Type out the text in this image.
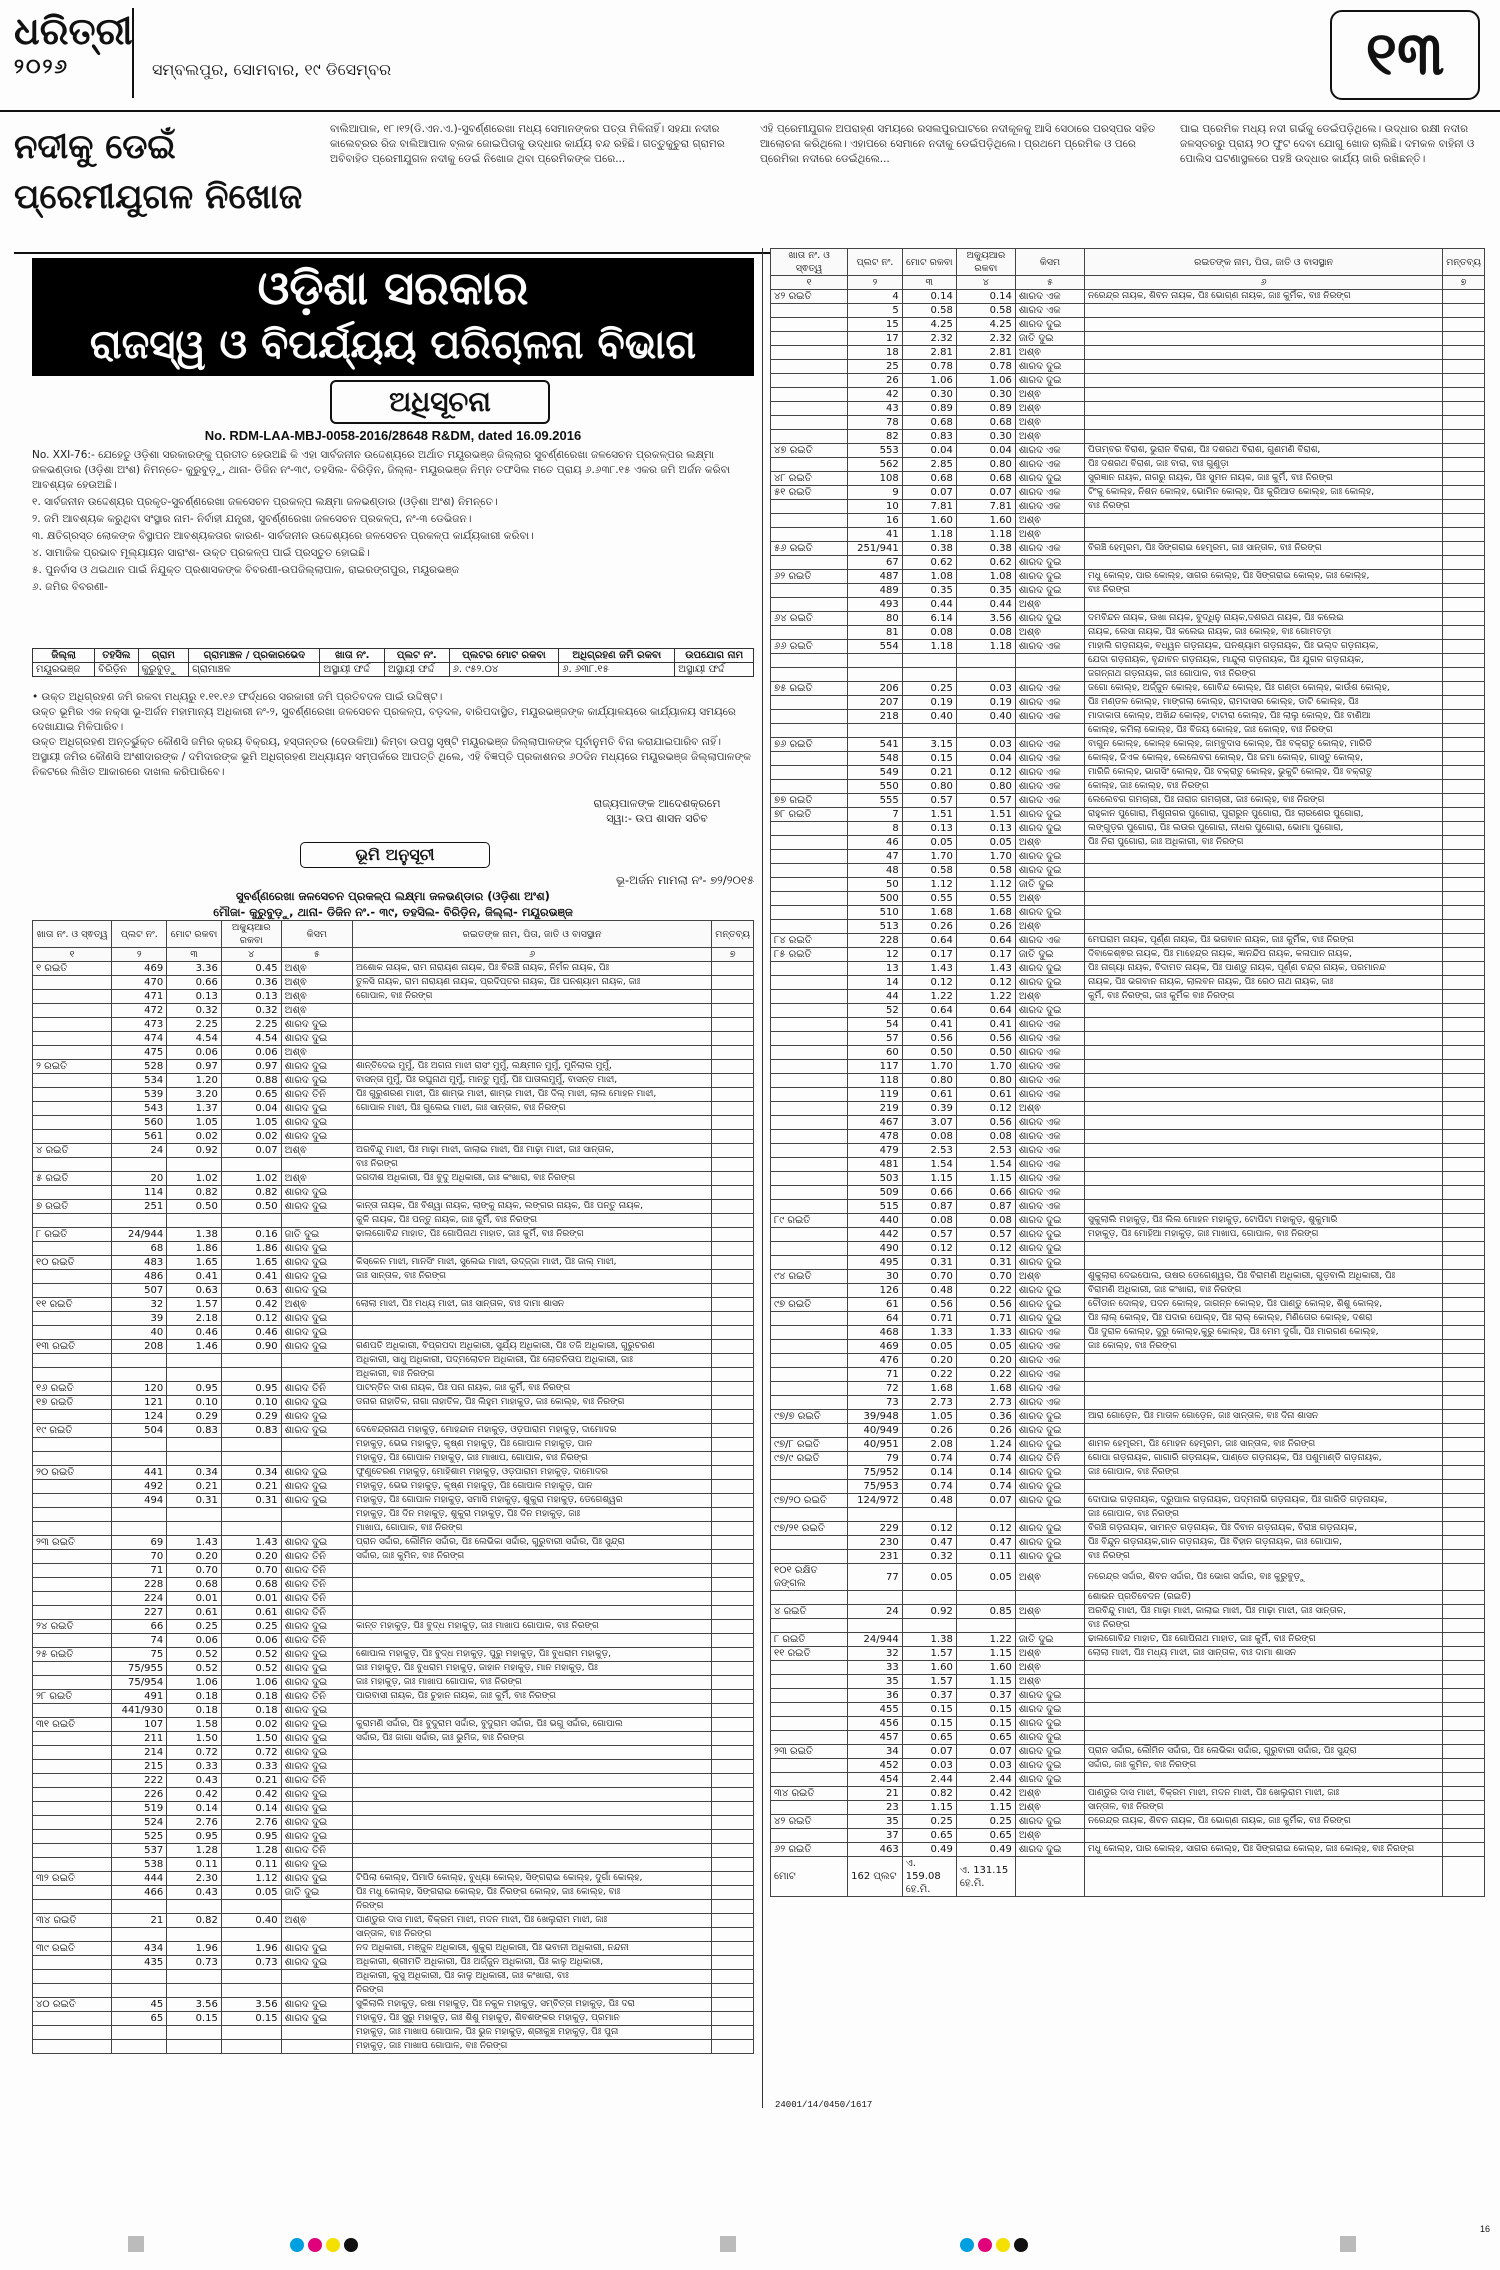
ଧରିତ୍ରୀ
୨୦୨୬	ସମ୍ବଲପୁର, ସୋମବାର, ୧୯ ଡିସେମ୍ବର	୧୩
ନଦୀକୁ ଡେଇଁ
ପ୍ରେମୀଯୁଗଳ ନିଖୋଜ
ବାଲିଆପାଳ, ୧୮।୧୨(ଡି.ଏନ.ଏ.)-ସୁବର୍ଣ୍ଣରେଖା ମଧ୍ୟ ସେମାନଙ୍କର ପତ୍ତା ମିଳିନାହିଁ। ସହଯା ନଦୀର କାଲେବ୍ରର ରିଜ ବାଲିଆପାଳ ବ୍ଲକ ଜୋଇପିତାକୁ ଉଦ୍ଧାର କାର୍ଯ୍ୟ ବନ୍ଦ ରହିଛି। ଗତ୍ତୁକୁଚୁରା ଗ୍ରାମର ଅବିବାହିତ ପ୍ରେମୀଯୁଗଳ ନଦୀକୁ ଡେଇଁ ନିଖୋଜ ଥିବା ପ୍ରେମିକଙ୍କ ପରେ...
ଏହି ପ୍ରେମୀଯୁଗଳ ଅପରାହ୍ଣ ସମୟରେ ରସଲପୁରଘାଟରେ ନଦୀକୂଳକୁ ଆସି ସେଠାରେ ପରସ୍ପର ସହିତ ଆଲୋଚନା କରିଥିଲେ। ଏହାପରେ ସେମାନେ ନଦୀକୁ ଡେଇଁପଡ଼ିଥିଲେ। ପ୍ରଥମେ ପ୍ରେମିକ ଓ ପରେ ପ୍ରେମିକା ନଦୀରେ ଡେଇଁଥିଲେ...
ପାଇ ପ୍ରେମିକ ମଧ୍ୟ ନଦୀ ଗର୍ଭକୁ ଡେଇଁପଡ଼ିଥିଲେ। ଉଦ୍ଧାର ରକ୍ଷୀ ନଦୀର ଜଳସ୍ତରରୁ ପ୍ରାୟ ୨୦ ଫୁଟ ଦେବା ଯୋଗୁ ଖୋଜ ଚାଲିଛି। ଦମକଳ ବାହିନୀ ଓ ପୋଲିସ ଘଟଣାସ୍ଥଳରେ ପହଞ୍ଚି ଉଦ୍ଧାର କାର୍ଯ୍ୟ ଜାରି ରଖିଛନ୍ତି।
ଓଡ଼ିଶା ସରକାର
ରାଜସ୍ୱ ଓ ବିପର୍ଯ୍ୟୟ ପରିଚାଳନା ବିଭାଗ
ଅଧିସୂଚନା
No. RDM-LAA-MBJ-0058-2016/28648 R&DM, dated 16.09.2016

No. XXI-76:- ଯେହେତୁ ଓଡ଼ିଶା ସରକାରଙ୍କୁ ପ୍ରତୀତ ହେଉଅଛି କି ଏହା ସାର୍ବଜନୀନ ଉଦ୍ଦେଶ୍ୟରେ ଅର୍ଥାତ ମୟୂରଭଞ୍ଜ ଜିଲ୍ଲାର ସୁବର୍ଣ୍ଣରେଖା ଜଳସେଚନ ପ୍ରକଳ୍ପର ଲକ୍ଷ୍ମା ଜଳଭଣ୍ଡାର (ଓଡ଼ିଶା ଅଂଶ) ନିମନ୍ତେ- କୁରୁବୁଡ଼ୁ, ଥାନା- ଡିଜିନ ନଂ-୩୯, ତହସିଲ- ବିରିଡ଼ିନ, ଜିଲ୍ଲା- ମୟୂରଭଞ୍ଜ ନିମ୍ନ ତଫସିଲ ମତେ ପ୍ରାୟ ୬.୬୩୮.୧୫ ଏକର ଜମି ଅର୍ଜନ କରିବା ଆବଶ୍ୟକ ହେଉଅଛି।

୧. ସାର୍ବଜନୀନ ଉଦ୍ଦେଶ୍ୟର ପ୍ରକୃତ-ସୁବର୍ଣ୍ଣରେଖା ଜଳସେଚନ ପ୍ରକଳ୍ପ ଲକ୍ଷ୍ମା ଜଳଭଣ୍ଡାର (ଓଡ଼ିଶା ଅଂଶ) ନିମନ୍ତେ।

୨. ଜମି ଆବଶ୍ୟକ କରୁଥିବା ସଂସ୍ଥାର ନାମ- ନିର୍ବାହୀ ଯନ୍ତ୍ରୀ, ସୁବର୍ଣ୍ଣରେଖା ଜଳସେଚନ ପ୍ରକଳ୍ପ, ନଂ-୩ ଡେଭିଜନ।

୩. କ୍ଷତିଗ୍ରସ୍ତ ଲୋକଙ୍କ ବିସ୍ଥାପନ ଆବଶ୍ୟକତାର କାରଣ- ସାର୍ବଜନୀନ ଉଦ୍ଦେଶ୍ୟରେ ଜଳସେଚନ ପ୍ରକଳ୍ପ କାର୍ଯ୍ୟକାରୀ କରିବା।

୪. ସାମାଜିକ ପ୍ରଭାବ ମୂଲ୍ୟାୟନ ସାରାଂଶ- ଉକ୍ତ ପ୍ରକଳ୍ପ ପାଇଁ ପ୍ରସ୍ତୁତ ହୋଇଛି।

୫. ପୁନର୍ବାସ ଓ ଥଇଥାନ ପାଇଁ ନିଯୁକ୍ତ ପ୍ରଶାସକଙ୍କ ବିବରଣୀ-ଉପଜିଲ୍ଲାପାଳ, ରାଇରଙ୍ଗପୁର, ମୟୂରଭଞ୍ଜ

୬. ଜମିର ବିବରଣୀ-

ଜିଲ୍ଲା	ତହସିଲ	ଗ୍ରାମ	ଗ୍ରାମାଞ୍ଚଳ / ପ୍ରକାରଭେଦ	ଖାତା ନଂ.	ପ୍ଲଟ ନଂ.	ପ୍ଲଟର ମୋଟ ରକବା	ଅଧିଗ୍ରହଣ ଜମି ରକବା	ଉପଯୋଗ ନାମ
ମୟୂରଭଞ୍ଜ	ବିରିଡ଼ିନ	କୁରୁବୁଡ଼ୁ	ଗ୍ରାମାଞ୍ଚଳ	ଅସ୍ଥାୟୀ ଫର୍ଦ୍ଦ	ଅସ୍ଥାୟୀ ଫର୍ଦ୍ଦ	୬. ୯୫୨.୦୪	୬. ୬୩୮.୧୫	ଅସ୍ଥାୟୀ ଫର୍ଦ୍ଦ

• ଉକ୍ତ ଅଧିଗ୍ରହଣ ଜମି ରକବା ମଧ୍ୟରୁ ୧.୧୧.୧୬ ଫର୍ଦ୍ଧରେ ସରକାରୀ ଜମି ପ୍ରତିବଦଳ ପାଇଁ ଉଦ୍ଦିଷ୍ଟ।

ଉକ୍ତ ଭୂମିର ଏକ ନକ୍ସା ଭୂ-ଅର୍ଜନ ମହାମାନ୍ୟ ଅଧିକାରୀ ନଂ-୨, ସୁବର୍ଣ୍ଣରେଖା ଜଳସେଚନ ପ୍ରକଳ୍ପ, ବଡ଼ଦଳ, ବାରିପଦାସ୍ଥିତ, ମୟୂରଭଞ୍ଜଙ୍କ କାର୍ଯ୍ୟାଳୟରେ କାର୍ଯ୍ୟାଳୟ ସମୟରେ ଦେଖାଯାଇ ମିଳିପାରିବ।

ଉକ୍ତ ଅଧିଗ୍ରହଣ ଅନ୍ତର୍ଭୁକ୍ତ କୌଣସି ଜମିର କ୍ରୟ ବିକ୍ରୟ, ହସ୍ତାନ୍ତର (ଦେଉଳିଆ) କିମ୍ବା ଉପସ୍ଥ ସୃଷ୍ଟି ମୟୂରଭଞ୍ଜ ଜିଲ୍ଲାପାଳଙ୍କ ପୂର୍ବାନୁମତି ବିନା କରାଯାଇପାରିବ ନାହିଁ।

ଅସ୍ଥାୟୀ ଜମିର କୌଣସି ଅଂଶୀଦାରଙ୍କ / ଦମିଦାରଙ୍କ ଭୂମି ଅଧିଗ୍ରହଣ ଅଧ୍ୟାୟନ ସମ୍ପର୍କରେ ଆପତ୍ତି ଥିଲେ, ଏହି ବିଜ୍ଞପ୍ତି ପ୍ରକାଶନର ୬୦ଦିନ ମଧ୍ୟରେ ମୟୂରଭଞ୍ଜ ଜିଲ୍ଲାପାଳଙ୍କ ନିକଟରେ ଲିଖିତ ଆକାରରେ ଦାଖଲ କରିପାରିବେ।

ରାଜ୍ୟପାଳଙ୍କ ଆଦେଶକ୍ରମେ
ସ୍ୱା:- ଉପ ଶାସନ ସଚିବ
ଭୂମି ଅନୁସୂଚୀ
ଭୂ-ଅର୍ଜନ ମାମଲା ନଂ- ୭୨/୨୦୧୫
ସୁବର୍ଣ୍ଣରେଖା ଜଳସେଚନ ପ୍ରକଳ୍ପ ଲକ୍ଷ୍ମା ଜଳଭଣ୍ଡାର (ଓଡ଼ିଶା ଅଂଶ)
ମୌଜା- କୁରୁବୁଡ଼ୁ, ଥାନା- ଡିଜିନ ନଂ.- ୩୯, ତହସିଲ- ବିରିଡ଼ିନ, ଜିଲ୍ଲା- ମୟୂରଭଞ୍ଜ
ଖାତା ନଂ. ଓ ସ୍ଵତ୍ୱ	ପ୍ଲଟ ନଂ.	ମୋଟ ରକବା	ଅକ୍ୟୁଆର ରକବା	କିସମ	ରଇତଙ୍କ ନାମ, ପିତା, ଜାତି ଓ ବାସସ୍ଥାନ	ମନ୍ତବ୍ୟ
୧	୨	୩	୪	୫	୬	୭
୧ ରଇତି	469	3.36	0.45	ଅଶ୍ଵ	ଅଶୋକ ନାୟକ, ରାମ ନାରାୟଣ ନାୟକ, ପିଃ ବିରଞ୍ଚି ନାୟକ, ନିର୍ମଳ ନାୟକ, ପିଃ	
	470	0.66	0.36	ଅଶ୍ଵ	ତୁଳସି ନାୟକ, ରାମ ନାରାୟଣ ନାୟକ, ପ୍ରଦିପ୍ତର ନାୟକ, ପିଃ ଘନଶ୍ୟାମ ନାୟକ, ଜାଃ	
	471	0.13	0.13	ଅଶ୍ଵ	ଗୋପାଳ, ବାଃ ନିରଙ୍ଗ	
	472	0.32	0.32	ଅଶ୍ଵ		
	473	2.25	2.25	ଶାରଦ ଦୁଇ		
	474	4.54	4.54	ଶାରଦ ଦୁଇ		
	475	0.06	0.06	ଅଶ୍ଵ		
୨ ରଇତି	528	0.97	0.97	ଶାରଦ ଦୁଇ	ଶାନ୍ତିଦେଇ ମୁର୍ମୁ, ପିଃ ଅଗନା ମାଝୀ ରାସଂ ମୁର୍ମୁ, ଲକ୍ଷ୍ମୀନ ମୁର୍ମୁ, ମୁନିଲାଲ ମୁର୍ମୁ,	
	534	1.20	0.88	ଶାରଦ ଦୁଇ	ବାସନ୍ତା ମୁର୍ମୁ, ପିଃ ରଘୁନାଥ ମୁର୍ମୁ, ମାନ୍ତୁ ମୁର୍ମୁ, ପିଃ ପାତାଲମୁର୍ମୁ, ବାସନ୍ତ ମାଝୀ,	
	539	3.20	0.65	ଶାରଦ ତିନି	ପିଃ ଗୁରୁଶରଣ ମାଝୀ, ପିଃ ଶାମ୍ଭ ମାଝୀ, ଶାମ୍ଭ ମାଝୀ, ପିଃ ଦିଲ୍ ମାଝୀ, ଲାଲ ମୋହନ ମାଝୀ,	
	543	1.37	0.04	ଶାରଦ ଦୁଇ	ଗୋପାଳ ମାଝୀ, ପିଃ ଗୁଲେଇ ମାଝୀ, ଜାଃ ସାନ୍ତାଳ, ବାଃ ନିରଙ୍ଗ	
	560	1.05	1.05	ଶାରଦ ଦୁଇ		
	561	0.02	0.02	ଶାରଦ ଦୁଇ		
୪ ରଇତି	24	0.92	0.07	ଅଶ୍ଵ	ଅରବିନ୍ଦୁ ମାଝୀ, ପିଃ ମାଢ଼ା ମାଝୀ, ଜାଲାଇ ମାଝୀ, ପିଃ ମାଢ଼ା ମାଝୀ, ଜାଃ ସାନ୍ତାଳ,	
					ବାଃ ନିରଙ୍ଗ	
୫ ରଇତି	20	1.02	1.02	ଅଶ୍ଵ	ଜଗଦୀଶ ଅଧିକାରୀ, ପିଃ ବୁଦୁ ଅଧିକାରୀ, ଜାଃ କଂଖାରା, ବାଃ ନିରଙ୍ଗ	
	114	0.82	0.82	ଶାରଦ ଦୁଇ		
୭ ରଇତି	251	0.50	0.50	ଶାରଦ ଦୁଇ	କାନ୍ତା ନାୟକ, ପିଃ ବିଶ୍ୱା ନାୟକ, ଲାଙ୍କୁ ନାୟକ, ଲଙ୍ଗର ନାୟକ, ପିଃ ପନ୍ତୁ ନାୟକ,	
					କୁଳି ନାୟକ, ପିଃ ପନ୍ତୁ ନାୟକ, ଜାଃ କୁର୍ମି, ବାଃ ନିରଙ୍ଗ	
୮ ରଇତି	24/944	1.38	0.16	ଜାତି ଦୁଇ	ଢାଲଗୋବିନ୍ଦ ମାହାତ, ପିଃ ଗୋପିନାଥ ମାହାତ, ଜାଃ କୁର୍ମି, ବାଃ ନିରଙ୍ଗ	
	68	1.86	1.86	ଶାରଦ ଦୁଇ		
୧୦ ରଇତି	483	1.65	1.65	ଶାରଦ ଦୁଇ	କିସ୍କେନ ମାଝୀ, ମାନସିଂ ମାଝୀ, ସୁଲେଇ ମାଝୀ, ଉଦ୍‌ଜ୍ଜା ମାଝୀ, ପିଃ ଜାଲ୍ ମାଝୀ,	
	486	0.41	0.41	ଶାରଦ ଦୁଇ	ଜାଃ ସାନ୍ତାଳ, ବାଃ ନିରଙ୍ଗ	
	507	0.63	0.63	ଶାରଦ ଦୁଇ		
୧୧ ରଇତି	32	1.57	0.42	ଅଶ୍ଵ	ଲୋଲା ମାଝୀ, ପିଃ ମଧ୍ୟ ମାଝୀ, ଜାଃ ସାନ୍ତାଳ, ବାଃ ଦାମା ଶାସନ	
	39	2.18	0.12	ଶାରଦ ଦୁଇ		
	40	0.46	0.46	ଶାରଦ ଦୁଇ		
୧୩ ରଇତି	208	1.46	0.90	ଶାରଦ ଦୁଇ	ଗଣପତି ଅଧିକାରୀ, ବିପ୍ରପଦା ଅଧିକାରୀ, ସୁର୍ଯ୍ୟ ଅଧିକାରୀ, ପିଃ ତଜି ଅଧିକାରୀ, ଗୁରୁଚରଣ	
					ଅଧିକାରୀ, ସାଧୁ ଅଧିକାରୀ, ପଦ୍ମଲୋଚନ ଅଧିକାରୀ, ପିଃ ଲୋଚନିତାପ ଅଧିକାରୀ, ଜାଃ	
					ଅଧିକାରୀ, ବାଃ ନିରଙ୍ଗ	
୧୬ ରଇତି	120	0.95	0.95	ଶାରଦ ତିନି	ପାଟନ୍ତିନ ଦାଶ ନାୟକ, ପିଃ ପନା ନାୟକ, ଜାଃ କୁର୍ମି, ବାଃ ନିରଙ୍ଗ	
୧୭ ରଇତି	121	0.10	0.10	ଶାରଦ ଦୁଇ	ଡନାର ନାହାତିଳ, ନାଗା ନାହାତିଳ, ପିଃ ଲିହୁମ ମାହାକୁଡ, ଜାଃ କୋଲ୍ହ, ବାଃ ନିରଙ୍ଗ	
	124	0.29	0.29	ଶାରଦ ଦୁଇ		
୧୯ ରଇତି	504	0.83	0.83	ଶାରଦ ଦୁଇ	ଦେବେନ୍ଦ୍ରନାଥ ମହାକୁଡ଼, ମୋହନ୍ଦାନ ମହାକୁଡ଼, ଓଡ଼ପାରାମ ମହାକୁଡ଼, ଦାମୋଦର	
					ମହାକୁଡ଼, ଭେଭ ମହାକୁଡ଼, କୃଷ୍ଣ ମହାକୁଡ଼, ପିଃ ଗୋପାଳ ମହାକୁଡ଼, ପାନ	
					ମହାକୁଡ଼, ପିଃ ଗୋପାଳ ମହାକୁଡ଼, ଜାଃ ମାଖାପ, ଗୋପାଳ, ବାଃ ନିରଙ୍ଗ	
୨୦ ରଇତି	441	0.34	0.34	ଶାରଦ ଦୁଇ	ଫୁଣୁଚେରଣ ମହାକୁଡ଼, ମୋହିଶାମ ମହାକୁଡ଼, ଓଡ଼ପାରାମ ମହାକୁଡ଼, ଦାମୋଦର	
	492	0.21	0.21	ଶାରଦ ଦୁଇ	ମହାକୁଡ଼, ଭେଭ ମହାକୁଡ଼, କୃଷ୍ଣ ମହାକୁଡ଼, ପିଃ ଗୋପାଳ ମହାକୁଡ଼, ପାନ	
	494	0.31	0.31	ଶାରଦ ଦୁଇ	ମହାକୁଡ଼, ପିଃ ଗୋପାଳ ମହାକୁଡ଼, ସମାସି ମହାକୁଡ଼, ଶୁକୁରା ମହାକୁଡ଼, ଡେଗେଶ୍ୱର	
					ମହାକୁଡ଼, ପିଃ ଦିନ ମହାକୁଡ଼, ଶୁକୁରା ମହାକୁଡ଼, ପିଃ ଦିନ ମହାକୁଡ଼, ଜାଃ	
					ମାଖାପ, ଗୋପାଳ, ବାଃ ନିରଙ୍ଗ	
୨୩ ରଇତି	69	1.43	1.43	ଶାରଦ ଦୁଇ	ପ୍ରାନ ସର୍ଦ୍ଦାର, ଲୌମିନ ସର୍ଦ୍ଦାର, ପିଃ ଲେଭିକା ସର୍ଦ୍ଦାର, ଗୁରୁବାରୀ ସର୍ଦ୍ଦାର, ପିଃ ସୁନ୍ଦ୍ରା	
	70	0.20	0.20	ଶାରଦ ତିନି	ସର୍ଦ୍ଦାର, ଜାଃ କୁମିନ, ବାଃ ନିରଙ୍ଗ	
	71	0.70	0.70	ଶାରଦ ତିନି		
	228	0.68	0.68	ଶାରଦ ତିନି		
	224	0.01	0.01	ଶାରଦ ତିନି		
	227	0.61	0.61	ଶାରଦ ତିନି		
୨୪ ରଇତି	66	0.25	0.25	ଶାରଦ ଦୁଇ	କାନ୍ତ ମହାକୁଡ଼, ପିଃ ବୁଦ୍ଧ ମହାକୁଡ଼, ଜାଃ ମାଖାପ ଗୋପାଳ, ବାଃ ନିରଙ୍ଗ	
	74	0.06	0.06	ଶାରଦ ତିନି		
୨୫ ରଇତି	75	0.52	0.52	ଶାରଦ ଦୁଇ	ଶୋପାଲ ମହାକୁଡ଼, ପିଃ ବୁଦ୍ଧ ମହାକୁଡ଼, ପୁରୁ ମହାକୁଡ଼, ପିଃ ବୁଧରାମ ମହାକୁଡ଼,	
	75/955	0.52	0.52	ଶାରଦ ଦୁଇ	ଜାଃ ମହାକୁଡ଼, ପିଃ ବୁଧରାମ ମହାକୁଡ଼, ଜାହାନ ମହାକୁଡ଼, ମାନ ମହାକୁଡ଼, ପିଃ	
	75/954	1.06	1.06	ଶାରଦ ଦୁଇ	ଜାଃ ମହାକୁଡ଼, ଜାଃ ମାଖାପ ଗୋପାଳ, ବାଃ ନିରଙ୍ଗ	
୨୮ ରଇତି	491	0.18	0.18	ଶାରଦ ତିନି	ପାରବାସୀ ନାୟକ, ପିଃ ଚୁହାନ ନାୟକ, ଜାଃ କୁର୍ମି, ବାଃ ନିରଙ୍ଗ	
	441/930	0.18	0.18	ଶାରଦ ଦୁଇ		
୩୧ ରଇତି	107	1.58	0.02	ଶାରଦ ଦୁଇ	କୁରାମଣି ସର୍ଦ୍ଦାର, ପିଃ ବୁଦୁରାମ ସର୍ଦ୍ଦାର, ବୁଦୁରାମ ସର୍ଦ୍ଦାର, ପିଃ ଭଗୁ ସର୍ଦ୍ଦାର, ଗୋପାଲ	
	211	1.50	1.50	ଶାରଦ ଦୁଇ	ସର୍ଦ୍ଦାର, ପିଃ ଜାଗା ସର୍ଦ୍ଦାର, ଜାଃ ଭୁମିଜ, ବାଃ ନିରଙ୍ଗ	
	214	0.72	0.72	ଶାରଦ ଦୁଇ		
	215	0.33	0.33	ଶାରଦ ଦୁଇ		
	222	0.43	0.21	ଶାରଦ ତିନି		
	226	0.42	0.42	ଶାରଦ ଦୁଇ		
	519	0.14	0.14	ଶାରଦ ଦୁଇ		
	524	2.76	2.76	ଶାରଦ ଦୁଇ		
	525	0.95	0.95	ଶାରଦ ଦୁଇ		
	537	1.28	1.28	ଶାରଦ ତିନି		
	538	0.11	0.11	ଶାରଦ ଦୁଇ		
୩୨ ରଇତି	444	2.30	1.12	ଶାରଦ ଦୁଇ	ଟିପିଲା କୋଲ୍ହ, ପିମାଡି କୋଲ୍ହ, ବୁଧ୍ୟା କୋଲ୍ହ, ସିଙ୍ଗରାଇ କୋଲ୍ହ, ଦୁର୍ଗା କୋଲ୍ହ,	
	466	0.43	0.05	ଜାତି ଦୁଇ	ପିଃ ମଧୁ କୋଲ୍ହ, ସିଙ୍ଗରାଇ କୋଲ୍ହ, ପିଃ ନିରଙ୍ଗ କୋଲ୍ହ, ଜାଃ କୋଲ୍ହ, ବାଃ	
					ନିରଙ୍ଗ	
୩୪ ରଇତି	21	0.82	0.40	ଅଶ୍ଵ	ପାଣ୍ଡୁର ଦାସ ମାଝୀ, ବିକ୍ରମ ମାଝୀ, ମଦନ ମାଝୀ, ପିଃ ଖେଲୁରାମ ମାଝୀ, ଜାଃ	
					ସାନ୍ତାଳ, ବାଃ ନିରଙ୍ଗ	
୩୯ ରଇତି	434	1.96	1.96	ଶାରଦ ଦୁଇ	ନଦ ଅଧିକାରୀ, ମଞ୍ଜୁଳ ଅଧିକାରୀ, ଶୁକୁରା ଅଧିକାରୀ, ପିଃ ଭବାନୀ ଅଧିକାରୀ, ନନ୍ଦନୀ	
	435	0.73	0.73	ଶାରଦ ଦୁଇ	ଅଧିକାରୀ, ଶ୍ରୀମତି ଅଧିକାରୀ, ପିଃ ଅର୍ଜ୍ଜୁନ ଅଧିକାରୀ, ପିଃ କାଳୁ ଅଧିକାରୀ,	
					ଅଧିକାରୀ, କୁସୁ ଅଧିକାରୀ, ପିଃ କାଳୁ ଅଧିକାରୀ, ଜାଃ କଂଖାରା, ବାଃ	
					ନିରଙ୍ଗ	
୪୦ ରଇତି	45	3.56	3.56	ଶାରଦ ଦୁଇ	ସୁକିଲାଲି ମହାକୁଡ଼, ରଷା ମହାକୁଡ଼, ପିଃ ନକୁଳ ମହାକୁଡ଼, ସମ୍ବିତ୍ତା ମହାକୁଡ଼, ପିଃ ଦରା	
	65	0.15	0.15	ଶାରଦ ଦୁଇ	ମହାକୁଡ଼, ପିଃ ସୁରୁ ମହାକୁଡ଼, ଜାଃ ଶିଶୁ ମହାକୁଡ଼, ଶିବଶଙ୍କର ମହାକୁଡ଼, ପ୍ରମାନ	
					ମହାକୁଡ଼, ଜାଃ ମାଖାପ ଗୋପାଳ, ପିଃ ଭୁଜ ମହାକୁଡ଼, ଶ୍ରୀକୁଞ୍ଚ ମହାକୁଡ଼, ପିଃ ପୁନା	
					ମହାକୁଡ଼, ଜାଃ ମାଖାପ ଗୋପାଳ, ବାଃ ନିରଙ୍ଗ	
ଖାତା ନଂ. ଓ ସ୍ଵତ୍ୱ	ପ୍ଲଟ ନଂ.	ମୋଟ ରକବା	ଅକ୍ୟୁଆର ରକବା	କିସମ	ରଇତଙ୍କ ନାମ, ପିତା, ଜାତି ଓ ବାସସ୍ଥାନ	ମନ୍ତବ୍ୟ
୧	୨	୩	୪	୫	୬	୭
୪୨ ରଇତି	4	0.14	0.14	ଶାରଦ ଏକ	ନରେନ୍ଦ୍ର ନାୟକ, ଶିବନ ନାୟକ, ପିଃ ଭୋଗ୍ଣ ନାୟକ, ଜାଃ କୁର୍ମିକ, ବାଃ ନିରଙ୍ଗ	
	5	0.58	0.58	ଶାରଦ ଏକ		
	15	4.25	4.25	ଶାରଦ ଦୁଇ		
	17	2.32	2.32	ଜାତି ଦୁଇ		
	18	2.81	2.81	ଅଶ୍ଵ		
	25	0.78	0.78	ଶାରଦ ଦୁଇ		
	26	1.06	1.06	ଶାରଦ ଦୁଇ		
	42	0.30	0.30	ଅଶ୍ଵ		
	43	0.89	0.89	ଅଶ୍ଵ		
	78	0.68	0.68	ଅଶ୍ଵ		
	82	0.83	0.30	ଅଶ୍ଵ		
୪୭ ରଇତି	553	0.04	0.04	ଶାରଦ ଏକ	ପିତାମ୍ବର ବିରାଶ, ଭୁରାନ ବିରାଶ, ପିଃ ଦଶରଥ ବିରାଶ, ଗୁଣମଣି ବିରାଶ,	
	562	2.85	0.80	ଶାରଦ ଏକ	ପିଃ ଦଶରଥ ବିରାଶ, ଜାଃ ବାରା, ବାଃ ଗୁଣୁଡ଼ା	
୪୮ ରଇତି	108	0.68	0.68	ଶାରଦ ଦୁଇ	ସୁରଜ୍ଞାନ ନାୟକ, ନାଗରୁ ନାୟକ, ପିଃ ସୁମନ ନାୟକ, ଜାଃ କୁର୍ମି, ବାଃ ନିରଙ୍ଗ	
୫୧ ରଇତି	9	0.07	0.07	ଶାରଦ ଏକ	ଟିଂକୁ କୋଲ୍ହ, ନିଶନ କୋଲ୍ହ, ଭୋମିନ କୋଲ୍ହ, ପିଃ କୁରିଆଡ କୋଲ୍ହ, ଜାଃ କୋଲ୍ହ,	
	10	7.81	7.81	ଶାରଦ ଏକ	ବାଃ ନିରଙ୍ଗ	
	16	1.60	1.60	ଅଶ୍ଵ		
	41	1.18	1.18	ଅଶ୍ଵ		
୫୬ ରଇତି	251/941	0.38	0.38	ଶାରଦ ଏକ	ବିରଞ୍ଚି ହେମ୍ବ୍ରମ, ପିଃ ସିଙ୍ଗରାଇ ହେମ୍ବ୍ରମ, ଜାଃ ସାନ୍ତାଳ, ବାଃ ନିରଙ୍ଗ	
	67	0.62	0.62	ଶାରଦ ଦୁଇ		
୬୨ ରଇତି	487	1.08	1.08	ଶାରଦ ଦୁଇ	ମଧୁ କୋଲ୍ହ, ପାର କୋଲ୍ହ, ସାଗର କୋଲ୍ହ, ପିଃ ସିଙ୍ଗରାଇ କୋଲ୍ହ, ଜାଃ କୋଲ୍ହ,	
	489	0.35	0.35	ଶାରଦ ଦୁଇ	ବାଃ ନିରଙ୍ଗ	
	493	0.44	0.44	ଅଶ୍ଵ		
୬୪ ରଇତି	80	6.14	3.56	ଶାରଦ ଦୁଇ	ଦମବିନ୍ଦନ ନାୟକ, ଉଖା ନାୟକ, ବୁଦ୍ଧିନୁ ନାୟକ,ଦଶରଥ ନାୟକ, ପିଃ କଲେଇ	
	81	0.08	0.08	ଅଶ୍ଵ	ନାୟକ, ଲେସା ନାୟକ, ପିଃ କଲେଇ ନାୟକ, ଜାଃ କୋଲ୍ହ, ବାଃ ଗୋମତଡ଼ା	
୬୬ ରଇତି	554	1.18	1.18	ଶାରଦ ଏକ	ମାହାଲି ଗଡ଼ନାୟକ, ବଧ୍ୱନ ଗଡ଼ନାୟକ, ଘନଶ୍ୟାମ ଗଡ଼ନାୟକ, ପିଃ ଭଲ୍ଦ ଗଡ଼ନାୟକ,	
					ଯେଦା ଗଡ଼ନାୟକ, ବୃନ୍ଦାବନ ଗଡ଼ନାୟକ, ମାନ୍ଦୁଲା ଗଡ଼ନାୟକ, ପିଃ ଯୁଗଳ ଗଡ଼ନାୟକ,	
					ଜଗନ୍ନାଥ ଗଡ଼ନାୟକ, ଜାଃ ଗୋପାଳ, ବାଃ ନିରଙ୍ଗ	
୭୫ ରଇତି	206	0.25	0.03	ଶାରଦ ଏକ	ଜଗୋ କୋଲ୍ହ, ଅର୍ଜ୍ଜୁନ କୋଲ୍ହ, ଗୋବିନ୍ଦ କୋଲ୍ହ, ପିଃ ଗଣ୍ଡା କୋଲ୍ହ, କାଉଁଶ କୋଲ୍ହ,	
	207	0.19	0.19	ଶାରଦ ଏକ	ପିଃ ମଣ୍ଡଳ କୋଲ୍ହ, ମାଙ୍ଗଲା କୋଲ୍ହ, ରାମଦାସର କୋଲ୍ହ, ଡାଟି କୋଲ୍ହ, ପିଃ	
	218	0.40	0.40	ଶାରଦ ଏକ	ମାଦାକାତା କୋଲ୍ହ, ଅଖିନ୍ଦ କୋଲ୍ହ, ଟାଟାରା କୋଲ୍ହ, ପିଃ ଲାଲୁ କୋଲ୍ହ, ପିଃ ବାଣିଆ	
					କୋଲ୍ହ, କମିଲା କୋଲ୍ହ, ପିଃ ବିଜୟ କୋଲ୍ହ, ଜାଃ କୋଲ୍ହ, ବାଃ ନିରଙ୍ଗ	
୭୬ ରଇତି	541	3.15	0.03	ଶାରଦ ଏକ	ବାଗୁନ କୋଲ୍ହ, କୋଲ୍ହ କୋଲ୍ହ, ଜାମ୍ବୁଦାସ କୋଲ୍ହ, ପିଃ ବକ୍ରାତୁ କୋଲ୍ହ, ମାରିଡି	
	548	0.15	0.04	ଶାରଦ ଏକ	କୋଲ୍ହ, ଜିଏକ କୋଲ୍ହ, ଲେଲେବଗ କୋଲ୍ହ, ପିଃ ଜମା କୋଲ୍ହ, ଗାସ୍ତୁ କୋଲ୍ହ,	
	549	0.21	0.12	ଶାରଦ ଏକ	ମାରିଜି କୋଲ୍ହ, ଭାଗସିଂ କୋଲ୍ହ, ପିଃ ବକ୍ରାତୁ କୋଲ୍ହ, ଭୁକୁଟି କୋଲ୍ହ, ପିଃ ବକ୍ରାତୁ	
	550	0.80	0.80	ଶାରଦ ଏକ	କୋଲ୍ହ, ଜାଃ କୋଲ୍ହ, ବାଃ ନିରଙ୍ଗ	
୭୭ ରଇତି	555	0.57	0.57	ଶାରଦ ଏକ	ଲେଲେବଗ ଗମଚାରୀ, ପିଃ ନାରାଜ ଗମଚାରୀ, ଜାଃ କୋଲ୍ହ, ବାଃ ନିରଙ୍ଗ	
୭୮ ରଇତି	7	1.51	1.51	ଶାରଦ ଦୁଇ	ରାହୁକାନ ପୁଗୋରା, ମିଶୁନାଗର ପୁଗୋରା, ପୁରାରୁନ ପୁଗୋରା, ପିଃ ଲାରଶେର ପୁଗୋରା,	
	8	0.13	0.13	ଶାରଦ ଦୁଇ	ଲଙ୍ଗୁଡ଼ର ପୁଗୋରା, ପିଃ ଲଉର ପୁଗୋରା, ନୀଧର ପୁଗୋରା, ଭୋମା ପୁଗୋରା,	
	46	0.05	0.05	ଅଶ୍ଵ	ପିଃ ନିରା ପୁଗୋରା, ଜାଃ ଅଧିକାରୀ, ବାଃ ନିରଙ୍ଗ	
	47	1.70	1.70	ଶାରଦ ଦୁଇ		
	48	0.58	0.58	ଶାରଦ ଦୁଇ		
	50	1.12	1.12	ଜାତି ଦୁଇ		
	500	0.55	0.55	ଅଶ୍ଵ		
	510	1.68	1.68	ଶାରଦ ଦୁଇ		
	513	0.26	0.26	ଅଶ୍ଵ		
୮୪ ରଇତି	228	0.64	0.64	ଶାରଦ ଏକ	ମେଘରାମ ନାୟକ, ପୂର୍ଣ୍ଣ ନାୟକ, ପିଃ ଭଗବାନ ନାୟକ, ଜାଃ କୁର୍ମିକ, ବାଃ ନିରଙ୍ଗ	
୮୫ ରଇତି	12	0.17	0.17	ଜାତି ଦୁଇ	ଦିବାକେଶ୍ଵର ନାୟକ, ପିଃ ମାହେନ୍ଦ୍ର ନାୟକ, ଜ୍ଞାନନ୍ଦିପ ନାୟକ, କଳାପାନ ନାୟକ,	
	13	1.43	1.43	ଶାରଦ ଦୁଇ	ପିଃ ନାଗ୍ୟା ନାୟକ, ବିଦାମତ ନାୟକ, ପିଃ ପାଣ୍ଡୁ ନାୟକ, ପୂର୍ଣ୍ଣ ଚନ୍ଦ୍ର ନାୟକ, ପରମାନନ୍ଦ	
	14	0.12	0.12	ଶାରଦ ଦୁଇ	ନାୟକ, ପିଃ ଭଗବାନ ନାୟକ, ଲାଲବନ ନାୟକ, ପିଃ ରେଠ ନାଥ ନାୟକ, ଜାଃ	
	44	1.22	1.22	ଅଶ୍ଵ	କୁର୍ମି, ବାଃ ନିରଙ୍ଗ, ଜାଃ କୁର୍ମିକ ବାଃ ନିରଙ୍ଗ	
	52	0.64	0.64	ଶାରଦ ଦୁଇ		
	54	0.41	0.41	ଶାରଦ ଏକ		
	57	0.56	0.56	ଶାରଦ ଏକ		
	60	0.50	0.50	ଶାରଦ ଏକ		
	117	1.70	1.70	ଶାରଦ ଏକ		
	118	0.80	0.80	ଶାରଦ ଏକ		
	119	0.61	0.61	ଶାରଦ ଏକ		
	219	0.39	0.12	ଅଶ୍ଵ		
	467	3.07	0.56	ଶାରଦ ଏକ		
	478	0.08	0.08	ଶାରଦ ଏକ		
	479	2.53	2.53	ଶାରଦ ଏକ		
	481	1.54	1.54	ଶାରଦ ଏକ		
	503	1.15	1.15	ଶାରଦ ଏକ		
	509	0.66	0.66	ଶାରଦ ଏକ		
	515	0.87	0.87	ଶାରଦ ଏକ		
୮୯ ରଇତି	440	0.08	0.08	ଶାରଦ ଦୁଇ	ସୁକୁଲାଲି ମହାକୁଡ଼, ପିଃ ଲିଲ ମୋହନ ମହାକୁଡ଼, ଟୋପିଟା ମହାକୁଡ଼, ଶୁକୁମାରି	
	442	0.57	0.57	ଶାରଦ ଦୁଇ	ମହାକୁଡ଼, ପିଃ ମୋହିଆ ମହାକୁଡ଼, ଜାଃ ମାଖାପ, ଗୋପାଳ, ବାଃ ନିରଙ୍ଗ	
	490	0.12	0.12	ଶାରଦ ଦୁଇ		
	495	0.31	0.31	ଶାରଦ ଦୁଇ		
୯୪ ରଇତି	30	0.70	0.70	ଅଶ୍ଵ	ଶୁକୁଲାରା ଦେଇପୋଲ, ଉଷର ଡେଗେଶ୍ୱର, ପିଃ ବିରାମଣି ଅଧିକାରୀ, ଗୁଡ଼ବାଲି ଅଧିକାରୀ, ପିଃ	
	126	0.48	0.22	ଶାରଦ ଦୁଇ	ବିରାମଣି ଅଧିକାରୀ, ଜାଃ କଂଖାରା, ବାଃ ନିରଙ୍ଗ	
୯୭ ରଇତି	61	0.56	0.56	ଶାରଦ ଦୁଇ	ଚୌଡାନ ଦୋଲ୍ହ, ପଦନ କୋଲ୍ହ, ଜାଗନ୍ନ କୋଲ୍ହ, ପିଃ ପାଣ୍ଡୁ କୋଲ୍ହ, ଶିଶୁ କୋଲ୍ହ,	
	64	0.71	0.71	ଶାରଦ ଦୁଇ	ପିଃ ଲାଲ୍ କୋଲ୍ହ, ପିଃ ପଦାର ପୋଲ୍ହ, ପିଃ ଲାଲ୍ କୋଲ୍ହ, ମିଣିତୋର କୋଲ୍ହ, ଦଶରା	
	468	1.33	1.33	ଶାରଦ ଏକ	ପିଃ ଦୁରାଳ କୋଲ୍ହ, ଦୁରୁ କୋଲ୍ହ,କୁରୁ କୋଲ୍ହ, ପିଃ ମେମ ଦୁର୍ଗା, ପିଃ ମାରଗଣ କୋଲ୍ହ,	
	469	0.05	0.05	ଶାରଦ ଏକ	ଜାଃ କୋଲ୍ହ, ବାଃ ନିରଙ୍ଗ	
	476	0.20	0.20	ଶାରଦ ଏକ		
	71	0.22	0.22	ଶାରଦ ଏକ		
	72	1.68	1.68	ଶାରଦ ଏକ		
	73	2.73	2.73	ଶାରଦ ଏକ		
୯୭/୭ ରଇତି	39/948	1.05	0.36	ଶାରଦ ଦୁଇ	ଆରା ଗୋଡ଼େନ, ପିଃ ମାତାଳ ଗୋଡ଼େନ, ଜାଃ ସାନ୍ତାଳ, ବାଃ ଦିନା ଶାସନ	
	40/949	0.26	0.26	ଶାରଦ ଦୁଇ		
୯୭/୮ ରଇତି	40/951	2.08	1.24	ଶାରଦ ଦୁଇ	ଶାମଳ ହେମ୍ବ୍ରମ, ପିଃ ମୋହନ ହେମ୍ବ୍ରମ, ଜାଃ ସାନ୍ତାଳ, ବାଃ ନିରଙ୍ଗ	
୯୭/୯ ରଇତି	79	0.74	0.74	ଶାରଦ ତିନି	ଗୋପା ଗଡ଼ନାୟକ, ଗାଗାରି ଗଡ଼ନାୟକ, ପାଣ୍ଡେ ଗଡ଼ନାୟକ, ପିଃ ପଶୁମାଣ୍ଡି ଗଡ଼ନାୟକ,	
	75/952	0.14	0.14	ଶାରଦ ଦୁଇ	ଜାଃ ଗୋପାଳ, ବାଃ ନିରଙ୍ଗ	
	75/953	0.74	0.74	ଶାରଦ ଦୁଇ		
୯୭/୨୦ ରଇତି	124/972	0.48	0.07	ଶାରଦ ଦୁଇ	ଦୋପାଇ ଗଡ଼ନାୟକ, ଦ୍ରୁପାଲ ଗଡ଼ନାୟକ, ପଦ୍ମନାଭି ଗଡ଼ନାୟକ, ପିଃ ଗାରିଡି ଗଡ଼ନାୟକ,	
					ଜାଃ ଗୋପାଳ, ବାଃ ନିରଙ୍ଗ	
୯୭/୨୧ ରଇତି	229	0.12	0.12	ଶାରଦ ଦୁଇ	ବିରଞ୍ଚି ଗଡ଼ନାୟକ, ସାମନ୍ତ ଗଡ଼ନାୟକ, ପିଃ ଦିବାନ ଗଡ଼ନାୟକ, ବିରାଞ୍ଚ ଗଡ଼ନାୟକ,	
	230	0.47	0.47	ଶାରଦ ଦୁଇ	ପିଃ ବିନ୍ଦୁନ ଗଡ଼ନାୟକ,ଗାନ ଗଡ଼ନାୟକ, ପିଃ ବିହାନ ଗଡ଼ନାୟକ, ଜାଃ ଗୋପାଳ,	
	231	0.32	0.11	ଶାରଦ ଦୁଇ	ବାଃ ନିରଙ୍ଗ	
୧୦୧ ରକ୍ଷିତ ଜଙ୍ଗଲ	77	0.05	0.05	ଅଶ୍ଵ	ନରେନ୍ଦ୍ର ସର୍ଦ୍ଦାର, ଶିବନ ସର୍ଦ୍ଦାର, ପିଃ ଭୋଗ ସର୍ଦ୍ଦାର, ବାଃ କୁରୁବୁଡ଼ୁ	
					ଶୋଭନ ପ୍ରତିବେଦନ (ରଇତି)	
୪ ରଇତି	24	0.92	0.85	ଅଶ୍ଵ	ଅରବିନ୍ଦୁ ମାଝୀ, ପିଃ ମାଢ଼ା ମାଝୀ, ଜାଲାଇ ମାଝୀ, ପିଃ ମାଢ଼ା ମାଝୀ, ଜାଃ ସାନ୍ତାଳ,	
					ବାଃ ନିରଙ୍ଗ	
୮ ରଇତି	24/944	1.38	1.22	ଜାତି ଦୁଇ	ଢାଲଗୋବିନ୍ଦ ମାହାତ, ପିଃ ଗୋପିନାଥ ମାହାତ, ଜାଃ କୁର୍ମି, ବାଃ ନିରଙ୍ଗ	
୧୧ ରଇତି	32	1.57	1.15	ଅଶ୍ଵ	ଲୋଲା ମାଝୀ, ପିଃ ମଧ୍ୟ ମାଝୀ, ଜାଃ ସାନ୍ତାଳ, ବାଃ ଦାମା ଶାସନ	
	33	1.60	1.60	ଅଶ୍ଵ		
	35	1.57	1.15	ଅଶ୍ଵ		
	36	0.37	0.37	ଶାରଦ ଦୁଇ		
	455	0.15	0.15	ଶାରଦ ଦୁଇ		
	456	0.15	0.15	ଶାରଦ ଦୁଇ		
	457	0.65	0.65	ଶାରଦ ଦୁଇ		
୨୩ ରଇତି	34	0.07	0.07	ଶାରଦ ଦୁଇ	ପ୍ରାନ ସର୍ଦ୍ଦାର, ଲୌମିନ ସର୍ଦ୍ଦାର, ପିଃ ଲେଭିକା ସର୍ଦ୍ଦାର, ଗୁରୁବାରୀ ସର୍ଦ୍ଦାର, ପିଃ ସୁନ୍ଦ୍ରା	
	452	0.03	0.03	ଶାରଦ ଦୁଇ	ସର୍ଦ୍ଦାର, ଜାଃ କୁମିନ, ବାଃ ନିରଙ୍ଗ	
	454	2.44	2.44	ଶାରଦ ଦୁଇ		
୩୪ ରଇତି	21	0.82	0.42	ଅଶ୍ଵ	ପାଣ୍ଡୁର ଦାସ ମାଝୀ, ବିକ୍ରମ ମାଝୀ, ମଦନ ମାଝୀ, ପିଃ ଖେଲୁରାମ ମାଝୀ, ଜାଃ	
	23	1.15	1.15	ଅଶ୍ଵ	ସାନ୍ତାଳ, ବାଃ ନିରଙ୍ଗ	
୪୨ ରଇତି	35	0.25	0.25	ଶାରଦ ଦୁଇ	ନରେନ୍ଦ୍ର ନାୟକ, ଶିବନ ନାୟକ, ପିଃ ଭୋଗ୍ଣ ନାୟକ, ଜାଃ କୁର୍ମିକ, ବାଃ ନିରଙ୍ଗ	
	37	0.65	0.65	ଅଶ୍ଵ		
୬୨ ରଇତି	463	0.49	0.49	ଶାରଦ ଦୁଇ	ମଧୁ କୋଲ୍ହ, ପାର କୋଲ୍ହ, ସାଗର କୋଲ୍ହ, ପିଃ ସିଙ୍ଗରାଇ କୋଲ୍ହ, ଜାଃ କୋଲ୍ହ, ବାଃ ନିରଙ୍ଗ	
ମୋଟ	162 ପ୍ଲଟ	ଏ. 159.08 ହେ.ମି.	ଏ. 131.15 ହେ.ମି.			
24001/14/0450/1617
16
